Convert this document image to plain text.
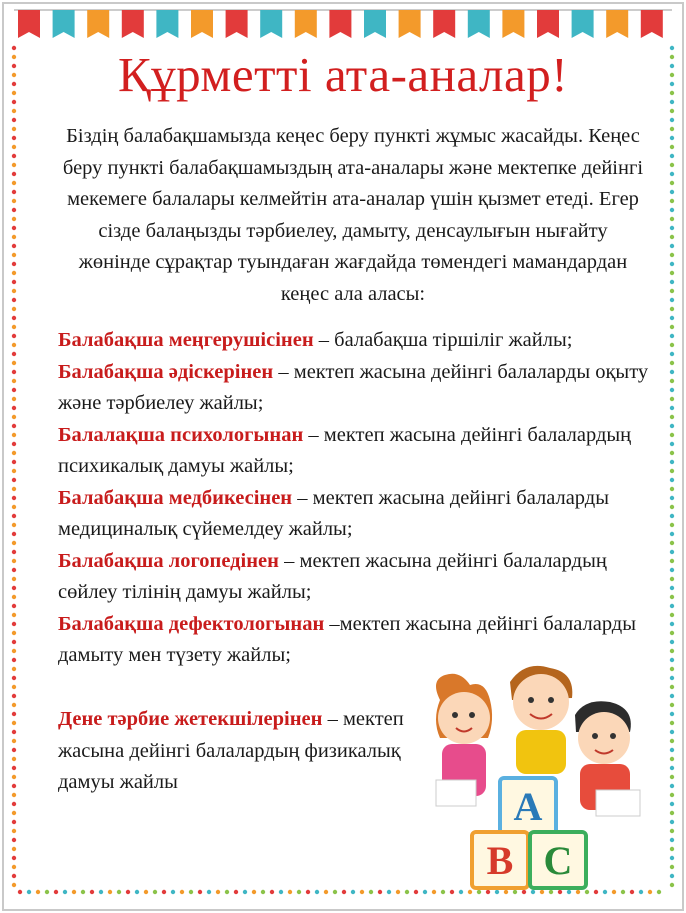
Құрметті ата-аналар!
Біздің балабақшамызда кеңес беру пункті жұмыс жасайды. Кеңес беру пункті балабақшамыздың ата-аналары және мектепке дейінгі мекемеге балалары келмейтін ата-аналар үшін қызмет етеді. Егер сізде балаңызды тәрбиелеу, дамыту, денсаулығын нығайту жөнінде сұрақтар туындаған жағдайда төмендегі мамандардан кеңес ала аласы:
Балабақша меңгерушісінен – балабақша тіршіліг жайлы;
Балабақша әдіскерінен – мектеп жасына дейінгі балаларды оқыту және тәрбиелеу жайлы;
Балалақша психологынан – мектеп жасына дейінгі балалардың психикалық дамуы жайлы;
Балабақша медбикесінен – мектеп жасына дейінгі балаларды медициналық сүйемелдеу жайлы;
Балабақша логопедінен – мектеп жасына дейінгі балалардың сөйлеу тілінің дамуы жайлы;
Балабақша дефектологынан –мектеп жасына дейінгі балаларды дамыту мен түзету жайлы;
Дене тәрбие жетекшілерінен – мектеп жасына дейінгі балалардың физикалық дамуы жайлы
A
B C
